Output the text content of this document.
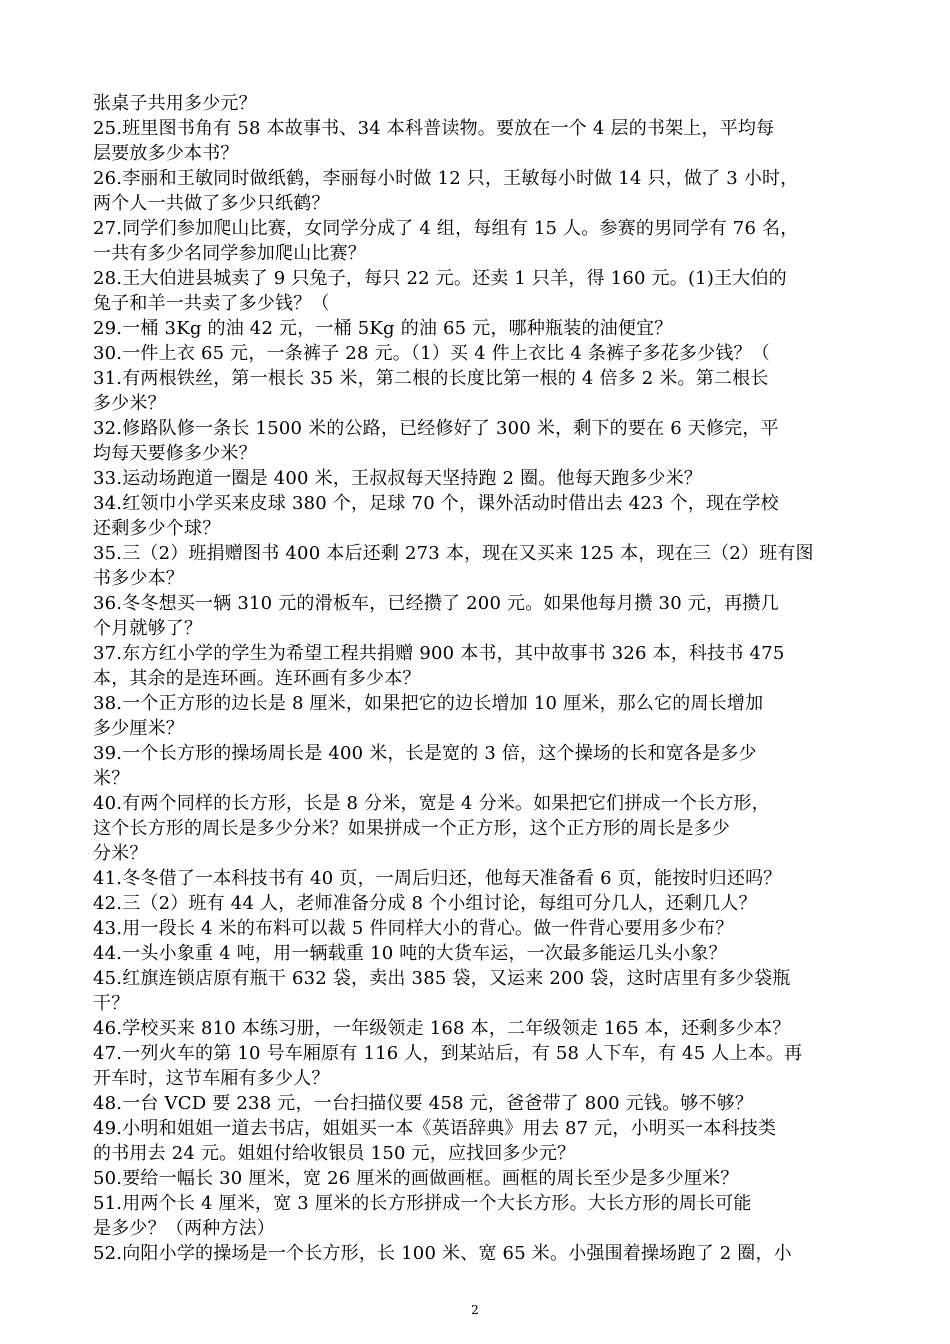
张桌子共用多少元？
25.班里图书角有 58 本故事书、34 本科普读物。要放在一个 4 层的书架上，平均每
层要放多少本书？
26.李丽和王敏同时做纸鹤，李丽每小时做 12 只，王敏每小时做 14 只，做了 3 小时，
两个人一共做了多少只纸鹤？
27.同学们参加爬山比赛，女同学分成了 4 组，每组有 15 人。参赛的男同学有 76 名，
一共有多少名同学参加爬山比赛？
28.王大伯进县城卖了 9 只兔子，每只 22 元。还卖 1 只羊，得 160 元。(1)王大伯的
兔子和羊一共卖了多少钱？（
29.一桶 3Kg 的油 42 元，一桶 5Kg 的油 65 元，哪种瓶装的油便宜？
30.一件上衣 65 元，一条裤子 28 元。（1）买 4 件上衣比 4 条裤子多花多少钱？（
31.有两根铁丝，第一根长 35 米，第二根的长度比第一根的 4 倍多 2 米。第二根长
多少米？
32.修路队修一条长 1500 米的公路，已经修好了 300 米，剩下的要在 6 天修完，平
均每天要修多少米？
33.运动场跑道一圈是 400 米，王叔叔每天坚持跑 2 圈。他每天跑多少米？
34.红领巾小学买来皮球 380 个，足球 70 个，课外活动时借出去 423 个，现在学校
还剩多少个球？
35.三（2）班捐赠图书 400 本后还剩 273 本，现在又买来 125 本，现在三（2）班有图
书多少本？
36.冬冬想买一辆 310 元的滑板车，已经攒了 200 元。如果他每月攒 30 元，再攒几
个月就够了？
37.东方红小学的学生为希望工程共捐赠 900 本书，其中故事书 326 本，科技书 475
本，其余的是连环画。连环画有多少本？
38.一个正方形的边长是 8 厘米，如果把它的边长增加 10 厘米，那么它的周长增加
多少厘米？
39.一个长方形的操场周长是 400 米，长是宽的 3 倍，这个操场的长和宽各是多少
米？
40.有两个同样的长方形，长是 8 分米，宽是 4 分米。如果把它们拼成一个长方形，
这个长方形的周长是多少分米？如果拼成一个正方形，这个正方形的周长是多少
分米？
41.冬冬借了一本科技书有 40 页，一周后归还，他每天准备看 6 页，能按时归还吗？
42.三（2）班有 44 人，老师准备分成 8 个小组讨论，每组可分几人，还剩几人？
43.用一段长 4 米的布料可以裁 5 件同样大小的背心。做一件背心要用多少布？
44.一头小象重 4 吨，用一辆载重 10 吨的大货车运，一次最多能运几头小象？
45.红旗连锁店原有瓶干 632 袋，卖出 385 袋，又运来 200 袋，这时店里有多少袋瓶
干？
46.学校买来 810 本练习册，一年级领走 168 本，二年级领走 165 本，还剩多少本？
47.一列火车的第 10 号车厢原有 116 人，到某站后，有 58 人下车，有 45 人上本。再
开车时，这节车厢有多少人？
48.一台 VCD 要 238 元，一台扫描仪要 458 元，爸爸带了 800 元钱。够不够？
49.小明和姐姐一道去书店，姐姐买一本《英语辞典》用去 87 元，小明买一本科技类
的书用去 24 元。姐姐付给收银员 150 元，应找回多少元？
50.要给一幅长 30 厘米，宽 26 厘米的画做画框。画框的周长至少是多少厘米？
51.用两个长 4 厘米，宽 3 厘米的长方形拼成一个大长方形。大长方形的周长可能
是多少？（两种方法）
52.向阳小学的操场是一个长方形，长 100 米、宽 65 米。小强围着操场跑了 2 圈，小
2
